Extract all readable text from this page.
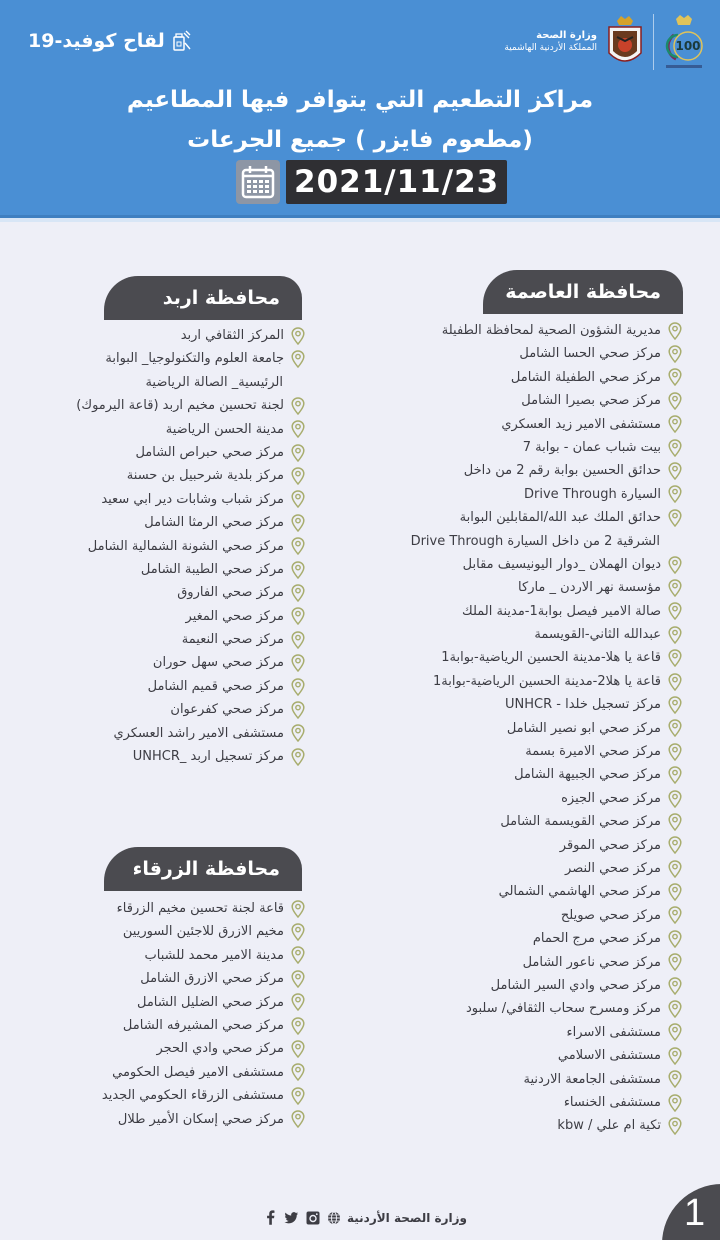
لقاح كوفيد-19	100
وزارة الصحة
المملكة الأردنية الهاشمية
مراكز التطعيم التي يتوافر فيها المطاعيم
(مطعوم فايزر ) جميع الجرعات
2021/11/23
محافظة العاصمة
مديرية الشؤون الصحية لمحافظة الطفيلة
مركز صحي الحسا الشامل
مركز صحي الطفيلة الشامل
مركز صحي بصيرا الشامل
مستشفى الامير زيد العسكري
بيت شباب عمان - بوابة 7
حدائق الحسين بوابة رقم 2 من داخل
السيارة Drive Through
حدائق الملك عبد الله/المقابلين البوابة
الشرقية 2 من داخل السيارة Drive Through
ديوان الهملان _دوار اليونيسيف مقابل
مؤسسة نهر الاردن _ ماركا
صالة الامير فيصل بوابة1-مدينة الملك
عبدالله الثاني-القويسمة
قاعة يا هلا-مدينة الحسين الرياضية-بوابة1
قاعة يا هلا2-مدينة الحسين الرياضية-بوابة1
مركز تسجيل خلدا - UNHCR
مركز صحي ابو نصير الشامل
مركز صحي الاميرة بسمة
مركز صحي الجبيهة الشامل
مركز صحي الجيزه
مركز صحي القويسمة الشامل
مركز صحي الموقر
مركز صحي النصر
مركز صحي الهاشمي الشمالي
مركز صحي صويلح
مركز صحي مرج الحمام
مركز صحي ناعور الشامل
مركز صحي وادي السير الشامل
مركز ومسرح سحاب الثقافي/ سلبود
مستشفى الاسراء
مستشفى الاسلامي
مستشفى الجامعة الاردنية
مستشفى الخنساء
تكية ام علي / kbw
محافظة اربد
المركز الثقافي اربد
جامعة العلوم والتكنولوجيا_ البوابة
الرئيسية_ الصالة الرياضية
لجنة تحسين مخيم اربد (قاعة اليرموك)
مدينة الحسن الرياضية
مركز صحي حبراص الشامل
مركز بلدية شرحبيل بن حسنة
مركز شباب وشابات دير ابي سعيد
مركز صحي الرمثا الشامل
مركز صحي الشونة الشمالية الشامل
مركز صحي الطيبة الشامل
مركز صحي الفاروق
مركز صحي المغير
مركز صحي النعيمة
مركز صحي سهل حوران
مركز صحي قميم الشامل
مركز صحي كفرعوان
مستشفى الامير راشد العسكري
مركز تسجيل اربد _UNHCR
محافظة الزرقاء
قاعة لجنة تحسين مخيم الزرقاء
مخيم الازرق للاجئين السوريين
مدينة الامير محمد للشباب
مركز صحي الازرق الشامل
مركز صحي الضليل الشامل
مركز صحي المشيرفه الشامل
مركز صحي وادي الحجر
مستشفى الامير فيصل الحكومي
مستشفى الزرقاء الحكومي الجديد
مركز صحي إسكان الأمير طلال
وزارة الصحة الأردنية	1
